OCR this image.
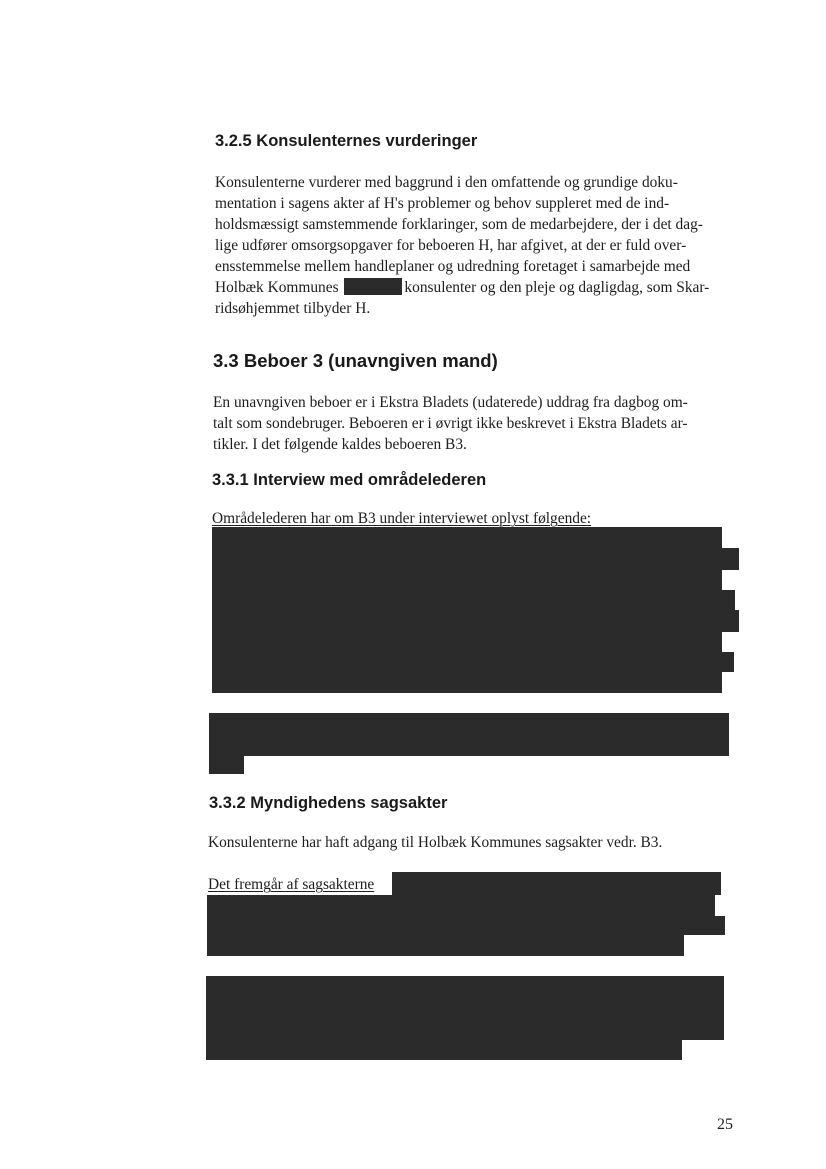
3.2.5 Konsulenternes vurderinger
Konsulenterne vurderer med baggrund i den omfattende og grundige doku-
mentation i sagens akter af H's problemer og behov suppleret med de ind-
holdsmæssigt samstemmende forklaringer, som de medarbejdere, der i det dag-
lige udfører omsorgsopgaver for beboeren H, har afgivet, at der er fuld over-
ensstemmelse mellem handleplaner og udredning foretaget i samarbejde med
Holbæk Kommunes	konsulenter og den pleje og dagligdag, som Skar-
ridsøhjemmet tilbyder H.
3.3 Beboer 3 (unavngiven mand)
En unavngiven beboer er i Ekstra Bladets (udaterede) uddrag fra dagbog om-
talt som sondebruger. Beboeren er i øvrigt ikke beskrevet i Ekstra Bladets ar-
tikler. I det følgende kaldes beboeren B3.
3.3.1 Interview med områdelederen
Områdelederen har om B3 under interviewet oplyst følgende:
3.3.2 Myndighedens sagsakter
Konsulenterne har haft adgang til Holbæk Kommunes sagsakter vedr. B3.
Det fremgår af sagsakterne
25
